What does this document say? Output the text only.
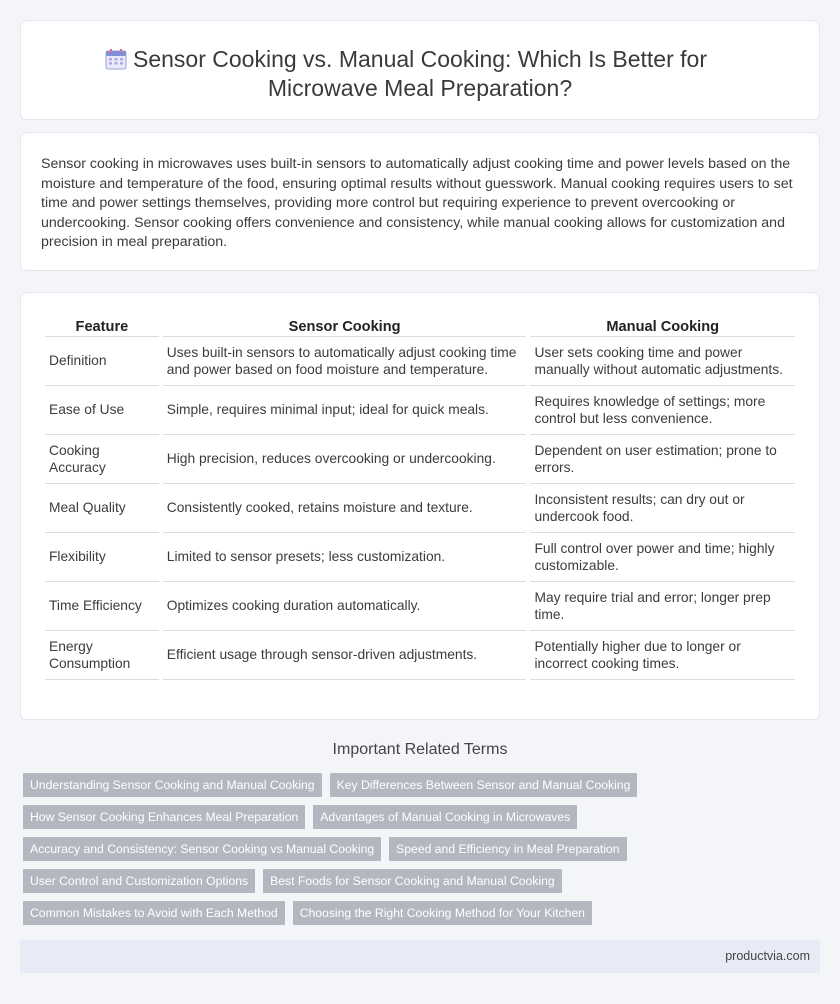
Sensor Cooking vs. Manual Cooking: Which Is Better for
Microwave Meal Preparation?

Sensor cooking in microwaves uses built-in sensors to automatically adjust cooking time and power levels based on the moisture and temperature of the food, ensuring optimal results without guesswork. Manual cooking requires users to set time and power settings themselves, providing more control but requiring experience to prevent overcooking or undercooking. Sensor cooking offers convenience and consistency, while manual cooking allows for customization and precision in meal preparation.

Feature	Sensor Cooking	Manual Cooking
Definition	Uses built-in sensors to automatically adjust cooking time and power based on food moisture and temperature.	User sets cooking time and power manually without automatic adjustments.
Ease of Use	Simple, requires minimal input; ideal for quick meals.	Requires knowledge of settings; more control but less convenience.
Cooking Accuracy	High precision, reduces overcooking or undercooking.	Dependent on user estimation; prone to errors.
Meal Quality	Consistently cooked, retains moisture and texture.	Inconsistent results; can dry out or undercook food.
Flexibility	Limited to sensor presets; less customization.	Full control over power and time; highly customizable.
Time Efficiency	Optimizes cooking duration automatically.	May require trial and error; longer prep time.
Energy Consumption	Efficient usage through sensor-driven adjustments.	Potentially higher due to longer or incorrect cooking times.
Important Related Terms
Understanding Sensor Cooking and Manual Cooking	Key Differences Between Sensor and Manual Cooking
How Sensor Cooking Enhances Meal Preparation	Advantages of Manual Cooking in Microwaves
Accuracy and Consistency: Sensor Cooking vs Manual Cooking	Speed and Efficiency in Meal Preparation
User Control and Customization Options	Best Foods for Sensor Cooking and Manual Cooking
Common Mistakes to Avoid with Each Method	Choosing the Right Cooking Method for Your Kitchen
productvia.com
